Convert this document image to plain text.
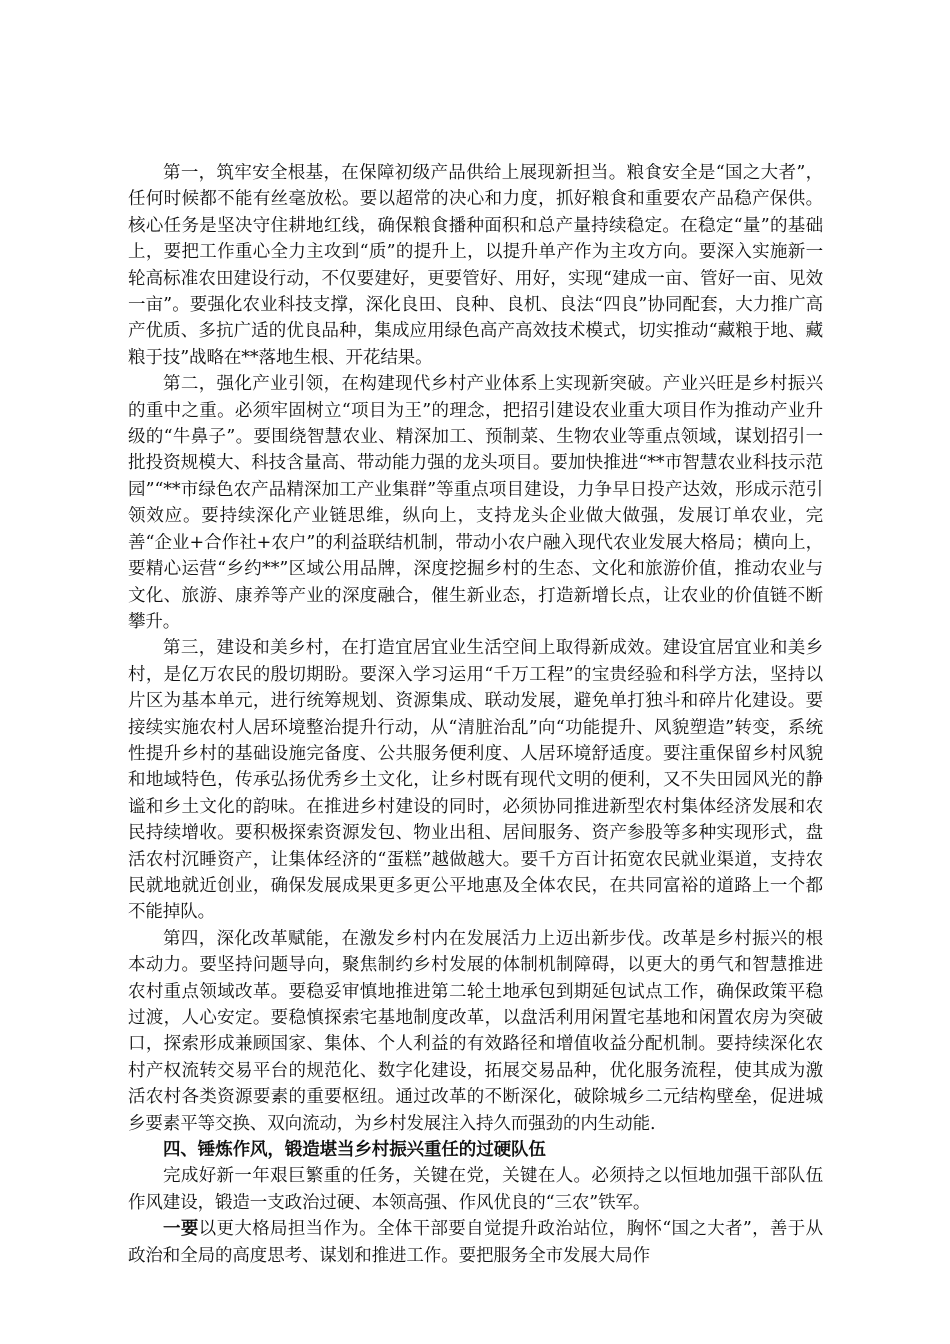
第一，筑牢安全根基，在保障初级产品供给上展现新担当。粮食安全是“国之大者”，任何时候都不能有丝毫放松。要以超常的决心和力度，抓好粮食和重要农产品稳产保供。核心任务是坚决守住耕地红线，确保粮食播种面积和总产量持续稳定。在稳定“量”的基础上，要把工作重心全力主攻到“质”的提升上，以提升单产作为主攻方向。要深入实施新一轮高标准农田建设行动，不仅要建好，更要管好、用好，实现“建成一亩、管好一亩、见效一亩”。要强化农业科技支撑，深化良田、良种、良机、良法“四良”协同配套，大力推广高产优质、多抗广适的优良品种，集成应用绿色高产高效技术模式，切实推动“藏粮于地、藏粮于技”战略在**落地生根、开花结果。

第二，强化产业引领，在构建现代乡村产业体系上实现新突破。产业兴旺是乡村振兴的重中之重。必须牢固树立“项目为王”的理念，把招引建设农业重大项目作为推动产业升级的“牛鼻子”。要围绕智慧农业、精深加工、预制菜、生物农业等重点领域，谋划招引一批投资规模大、科技含量高、带动能力强的龙头项目。要加快推进“**市智慧农业科技示范园”“**市绿色农产品精深加工产业集群”等重点项目建设，力争早日投产达效，形成示范引领效应。要持续深化产业链思维，纵向上，支持龙头企业做大做强，发展订单农业，完善“企业+合作社+农户”的利益联结机制，带动小农户融入现代农业发展大格局；横向上，要精心运营“乡约**”区域公用品牌，深度挖掘乡村的生态、文化和旅游价值，推动农业与文化、旅游、康养等产业的深度融合，催生新业态，打造新增长点，让农业的价值链不断攀升。

第三，建设和美乡村，在打造宜居宜业生活空间上取得新成效。建设宜居宜业和美乡村，是亿万农民的殷切期盼。要深入学习运用“千万工程”的宝贵经验和科学方法，坚持以片区为基本单元，进行统筹规划、资源集成、联动发展，避免单打独斗和碎片化建设。要接续实施农村人居环境整治提升行动，从“清脏治乱”向“功能提升、风貌塑造”转变，系统性提升乡村的基础设施完备度、公共服务便利度、人居环境舒适度。要注重保留乡村风貌和地域特色，传承弘扬优秀乡土文化，让乡村既有现代文明的便利，又不失田园风光的静谧和乡土文化的韵味。在推进乡村建设的同时，必须协同推进新型农村集体经济发展和农民持续增收。要积极探索资源发包、物业出租、居间服务、资产参股等多种实现形式，盘活农村沉睡资产，让集体经济的“蛋糕”越做越大。要千方百计拓宽农民就业渠道，支持农民就地就近创业，确保发展成果更多更公平地惠及全体农民，在共同富裕的道路上一个都不能掉队。

第四，深化改革赋能，在激发乡村内在发展活力上迈出新步伐。改革是乡村振兴的根本动力。要坚持问题导向，聚焦制约乡村发展的体制机制障碍，以更大的勇气和智慧推进农村重点领域改革。要稳妥审慎地推进第二轮土地承包到期延包试点工作，确保政策平稳过渡，人心安定。要稳慎探索宅基地制度改革，以盘活利用闲置宅基地和闲置农房为突破口，探索形成兼顾国家、集体、个人利益的有效路径和增值收益分配机制。要持续深化农村产权流转交易平台的规范化、数字化建设，拓展交易品种，优化服务流程，使其成为激活农村各类资源要素的重要枢纽。通过改革的不断深化，破除城乡二元结构壁垒，促进城乡要素平等交换、双向流动，为乡村发展注入持久而强劲的内生动能.

四、锤炼作风，锻造堪当乡村振兴重任的过硬队伍

完成好新一年艰巨繁重的任务，关键在党，关键在人。必须持之以恒地加强干部队伍作风建设，锻造一支政治过硬、本领高强、作风优良的“三农”铁军。

一要以更大格局担当作为。全体干部要自觉提升政治站位，胸怀“国之大者”，善于从政治和全局的高度思考、谋划和推进工作。要把服务全市发展大局作
